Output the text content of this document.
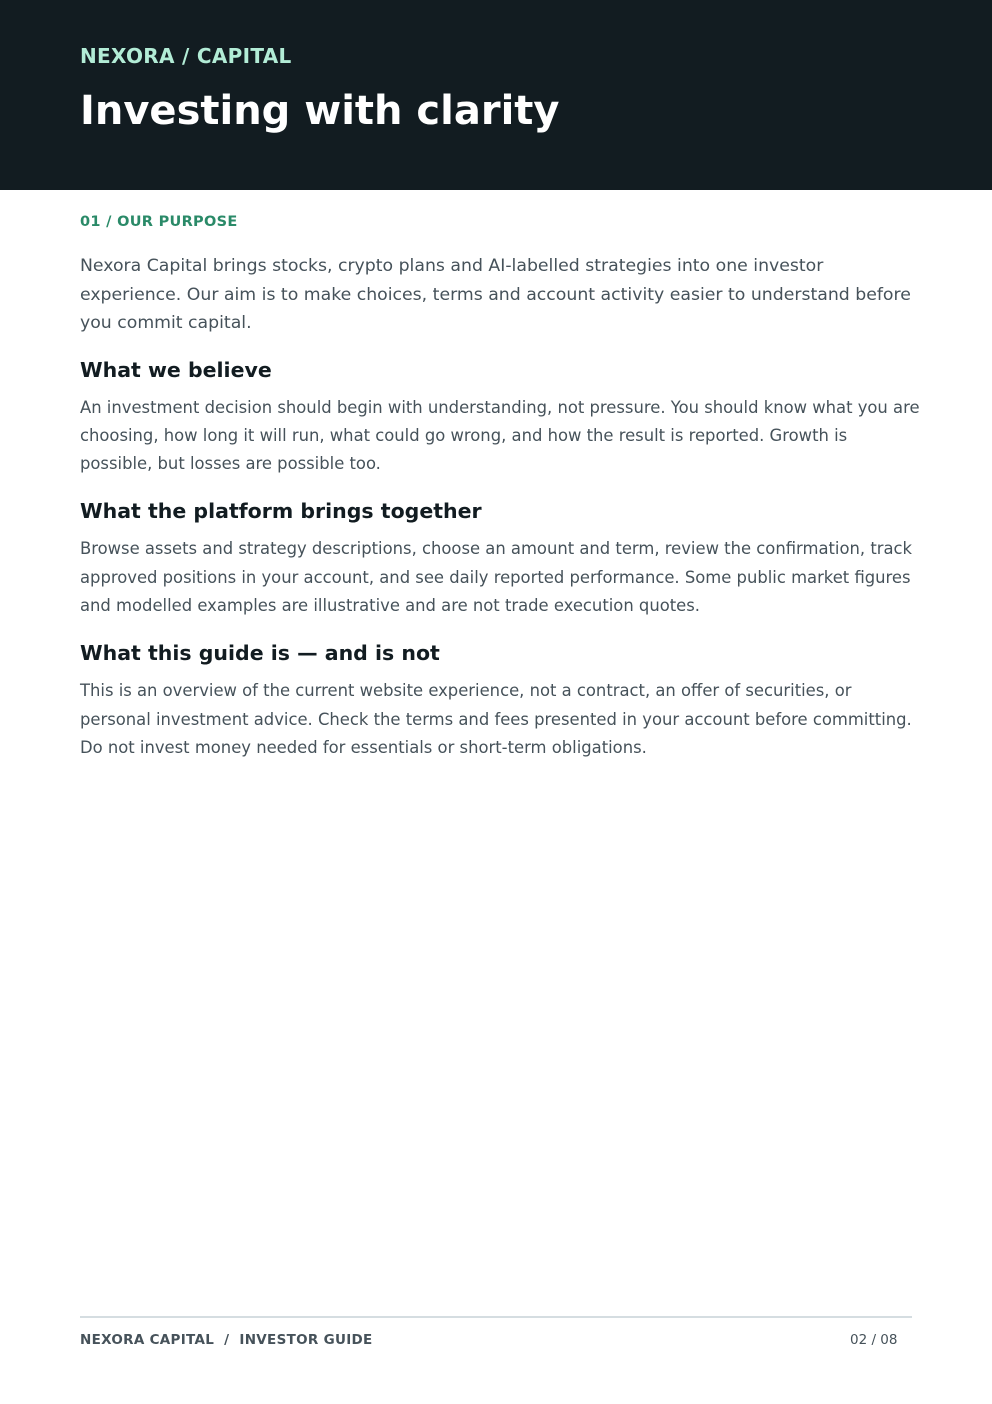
NEXORA / CAPITAL
Investing with clarity
01 / OUR PURPOSE

Nexora Capital brings stocks, crypto plans and AI-labelled strategies into one investor experience. Our aim is to make choices, terms and account activity easier to understand before you commit capital.

What we believe

An investment decision should begin with understanding, not pressure. You should know what you are choosing, how long it will run, what could go wrong, and how the result is reported. Growth is possible, but losses are possible too.

What the platform brings together

Browse assets and strategy descriptions, choose an amount and term, review the confirmation, track approved positions in your account, and see daily reported performance. Some public market figures and modelled examples are illustrative and are not trade execution quotes.

What this guide is — and is not

This is an overview of the current website experience, not a contract, an offer of securities, or personal investment advice. Check the terms and fees presented in your account before committing. Do not invest money needed for essentials or short-term obligations.

NEXORA CAPITAL  /  INVESTOR GUIDE	02 / 08
